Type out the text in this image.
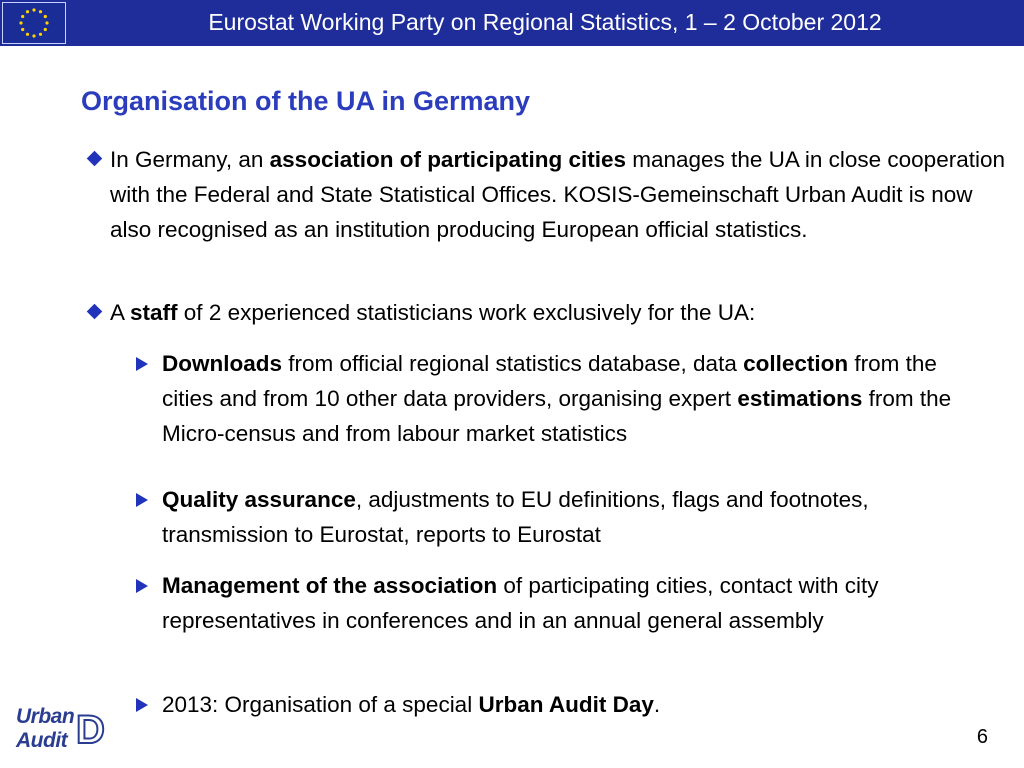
Eurostat Working Party on Regional Statistics, 1 – 2 October 2012
Organisation of the UA in Germany
In Germany, an association of participating cities manages the UA in close cooperation with the Federal and State Statistical Offices. KOSIS-Gemeinschaft Urban Audit is now also recognised as an institution producing European official statistics.
A staff of 2 experienced statisticians work exclusively for the UA:
Downloads from official regional statistics database, data collection from the cities and from 10 other data providers, organising expert estimations from the Micro-census and from labour market statistics
Quality assurance, adjustments to EU definitions, flags and footnotes, transmission to Eurostat, reports to Eurostat
Management of the association of participating cities, contact with city representatives in conferences and in an annual general assembly
2013: Organisation of a special Urban Audit Day.
Urban
Audit D	6
